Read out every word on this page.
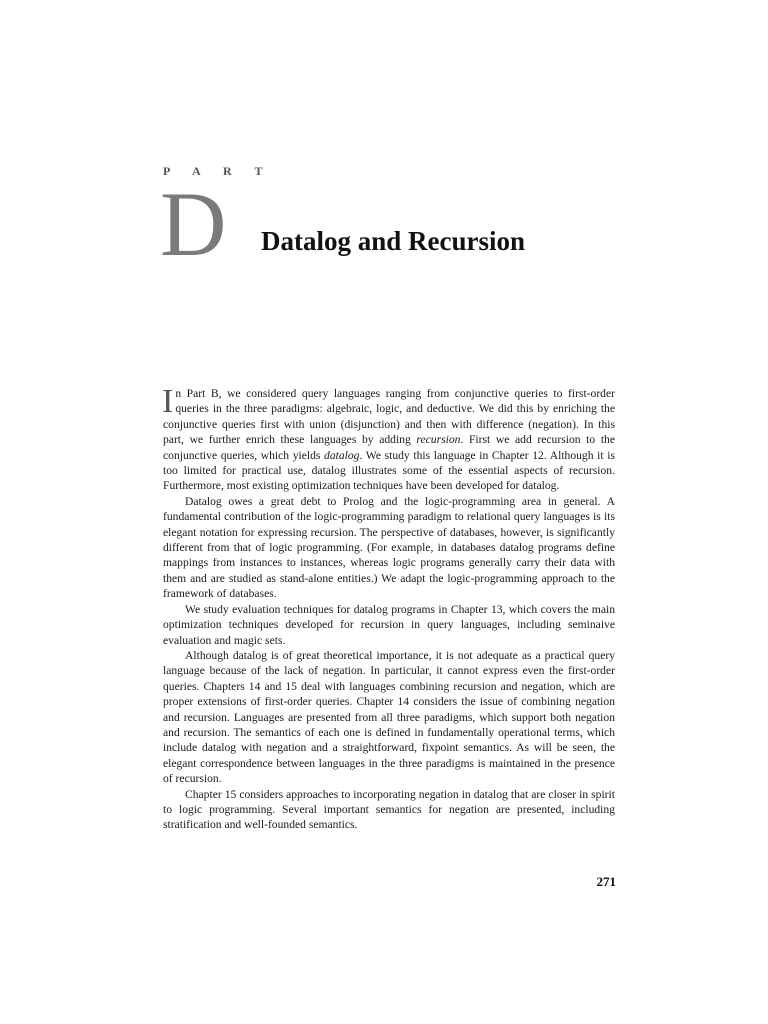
P A R T
D Datalog and Recursion

In Part B, we considered query languages ranging from conjunctive queries to first-order queries in the three paradigms: algebraic, logic, and deductive. We did this by enriching the conjunctive queries first with union (disjunction) and then with difference (negation). In this part, we further enrich these languages by adding recursion. First we add recursion to the conjunctive queries, which yields datalog. We study this language in Chapter 12. Although it is too limited for practical use, datalog illustrates some of the essential aspects of recursion. Furthermore, most existing optimization techniques have been developed for datalog.

Datalog owes a great debt to Prolog and the logic-programming area in general. A fundamental contribution of the logic-programming paradigm to relational query languages is its elegant notation for expressing recursion. The perspective of databases, however, is significantly different from that of logic programming. (For example, in databases datalog programs define mappings from instances to instances, whereas logic programs generally carry their data with them and are studied as stand-alone entities.) We adapt the logic-programming approach to the framework of databases.

We study evaluation techniques for datalog programs in Chapter 13, which covers the main optimization techniques developed for recursion in query languages, including seminaive evaluation and magic sets.

Although datalog is of great theoretical importance, it is not adequate as a practical query language because of the lack of negation. In particular, it cannot express even the first-order queries. Chapters 14 and 15 deal with languages combining recursion and negation, which are proper extensions of first-order queries. Chapter 14 considers the issue of combining negation and recursion. Languages are presented from all three paradigms, which support both negation and recursion. The semantics of each one is defined in fundamentally operational terms, which include datalog with negation and a straightforward, fixpoint semantics. As will be seen, the elegant correspondence between languages in the three paradigms is maintained in the presence of recursion.

Chapter 15 considers approaches to incorporating negation in datalog that are closer in spirit to logic programming. Several important semantics for negation are presented, including stratification and well-founded semantics.

271
